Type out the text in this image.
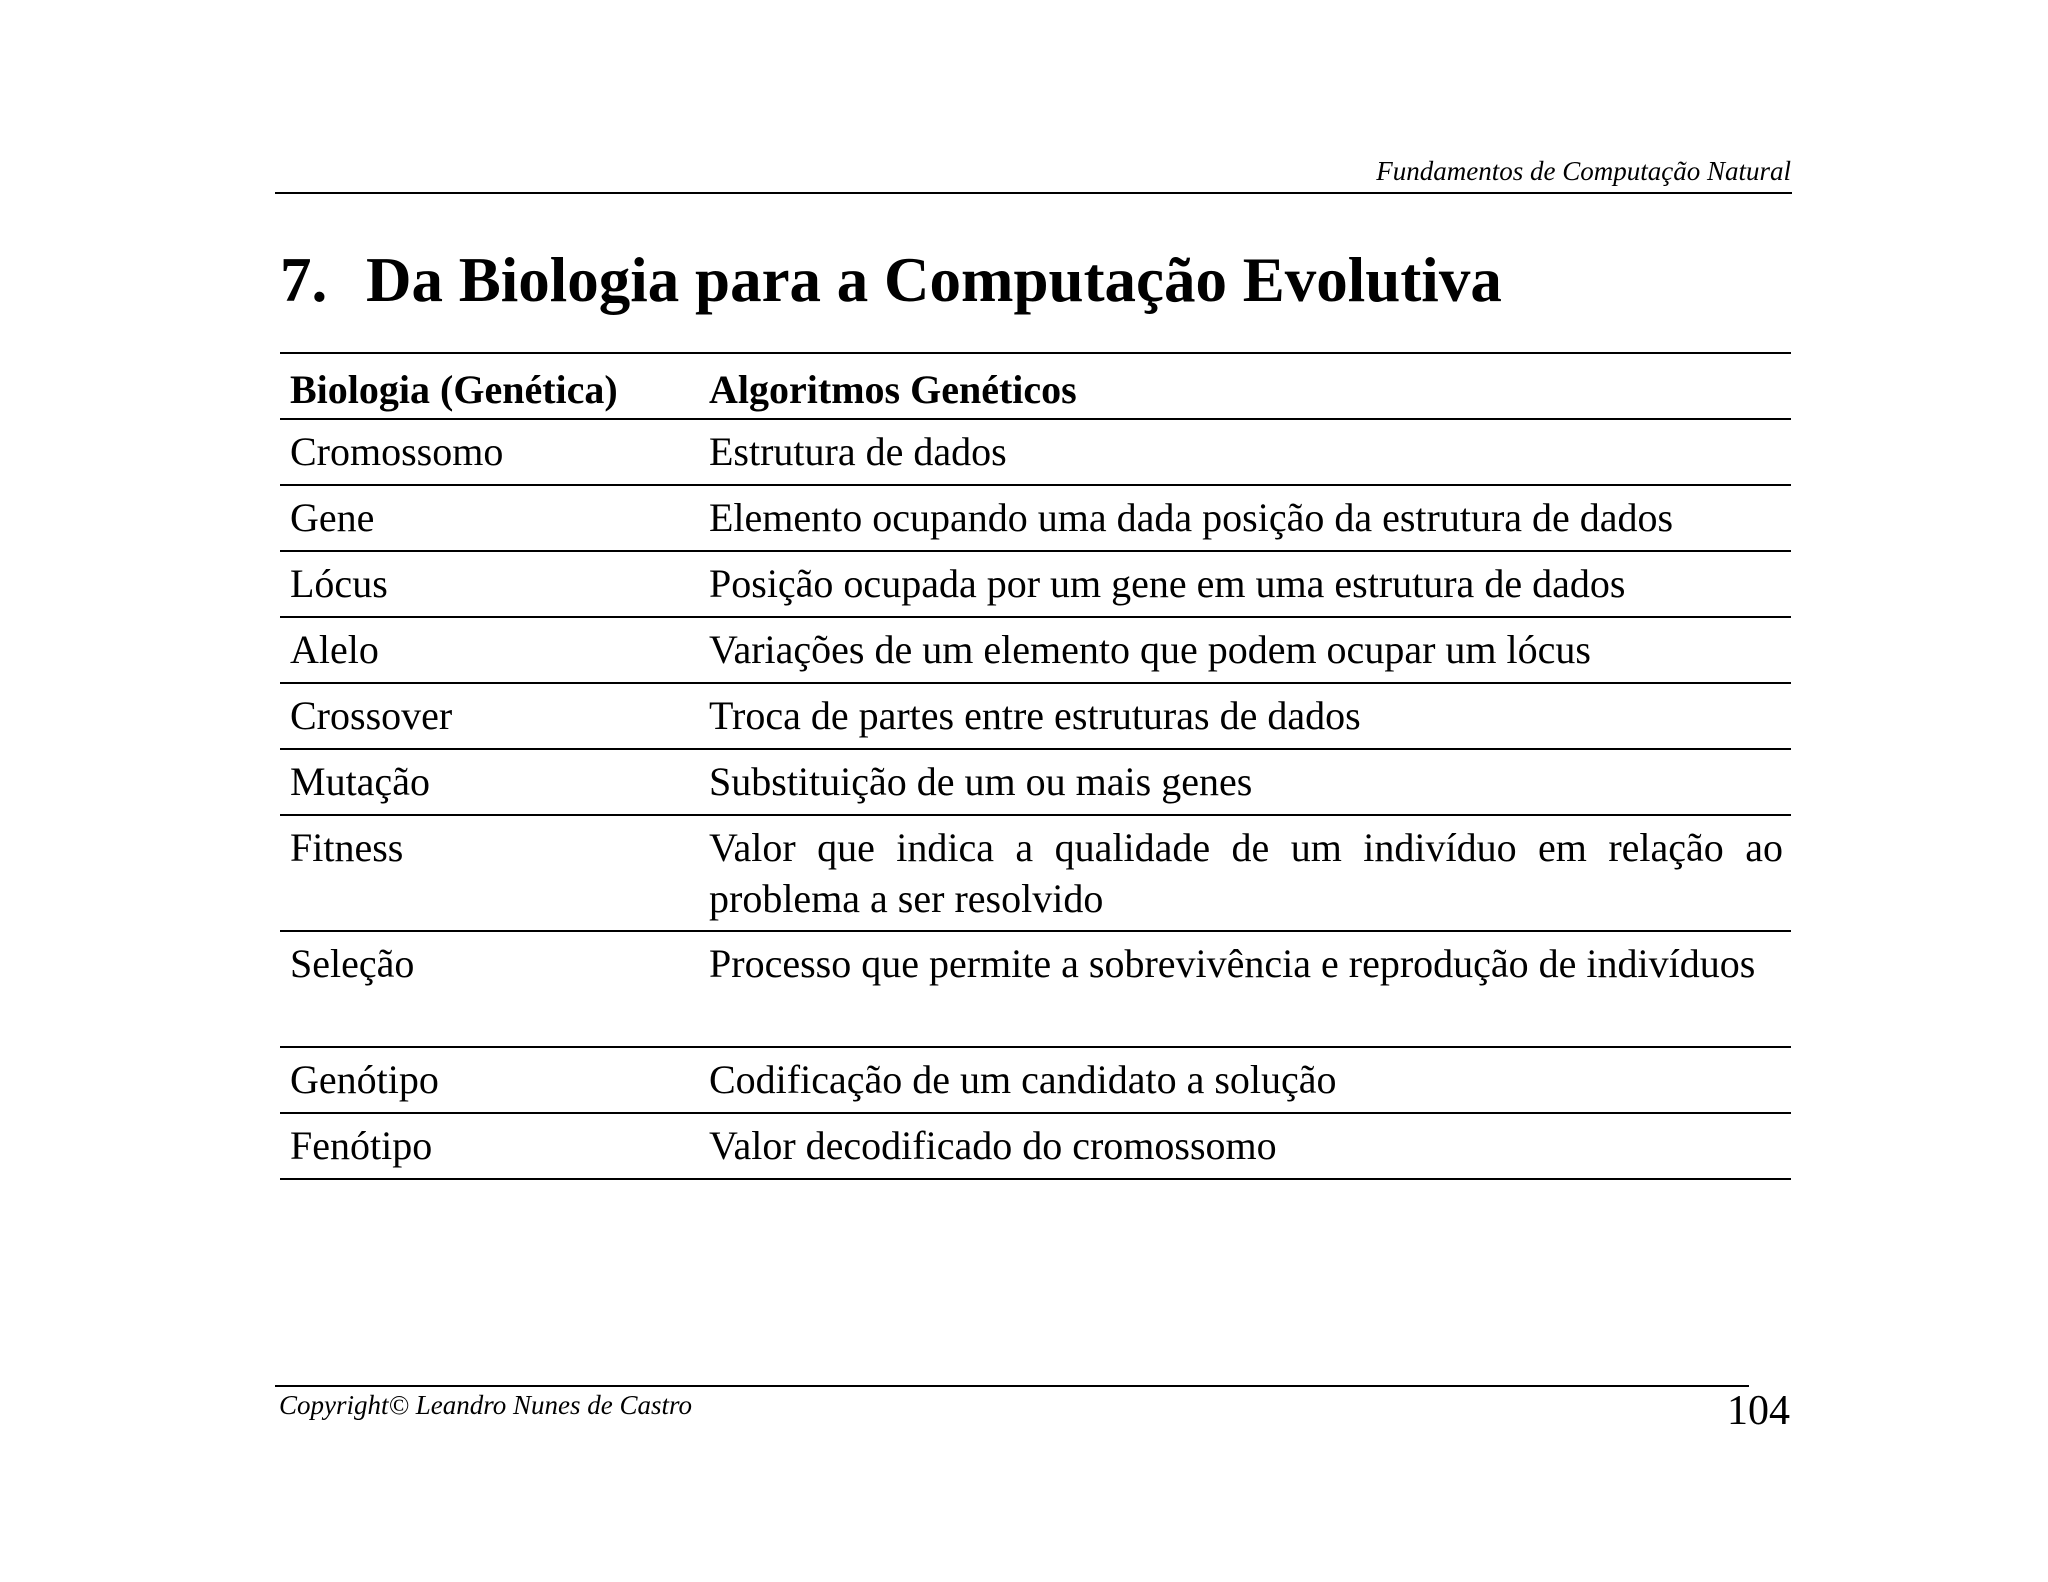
Fundamentos de Computação Natural
7. Da Biologia para a Computação Evolutiva
Biologia (Genética)	Algoritmos Genéticos
Cromossomo	Estrutura de dados
Gene	Elemento ocupando uma dada posição da estrutura de dados
Lócus	Posição ocupada por um gene em uma estrutura de dados
Alelo	Variações de um elemento que podem ocupar um lócus
Crossover	Troca de partes entre estruturas de dados
Mutação	Substituição de um ou mais genes
Fitness	Valor que indica a qualidade de um indivíduo em relação ao problema a ser resolvido
Seleção	Processo que permite a sobrevivência e reprodução de indivíduos
Genótipo	Codificação de um candidato a solução
Fenótipo	Valor decodificado do cromossomo
Copyright© Leandro Nunes de Castro	104
